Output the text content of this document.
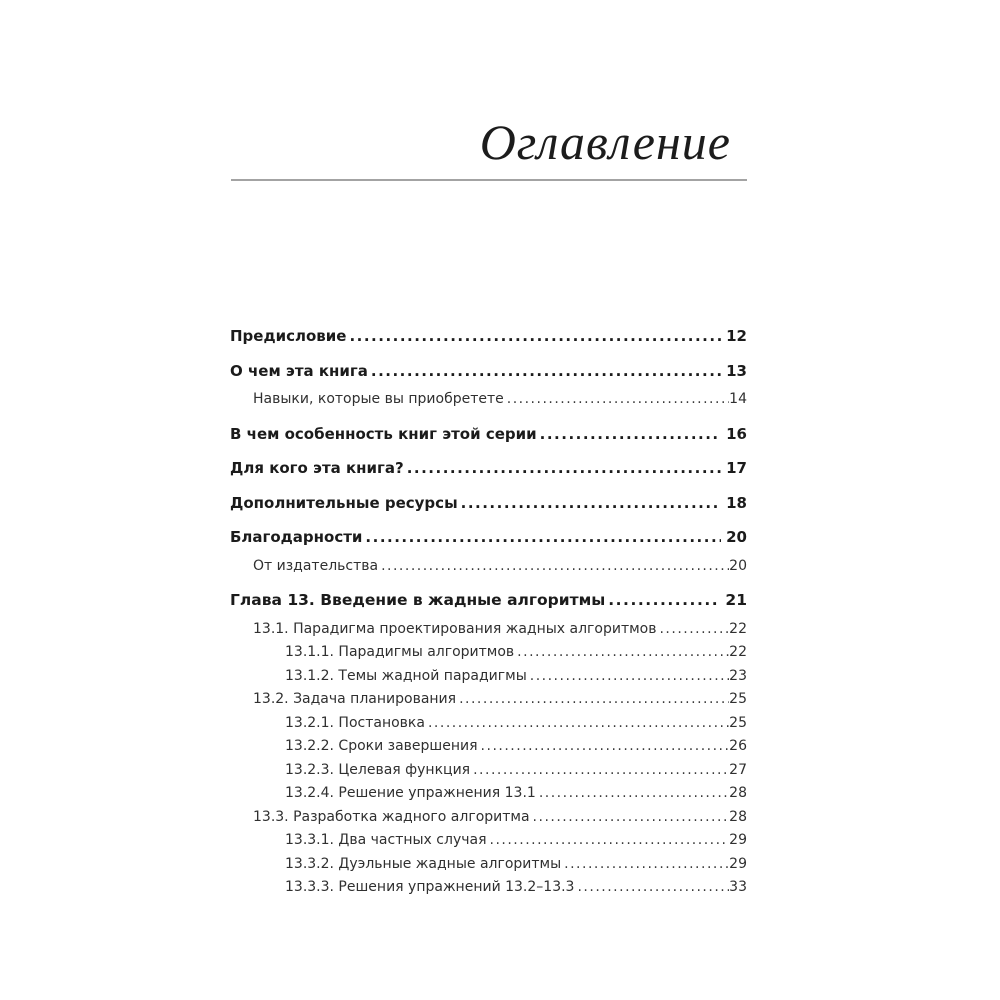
Оглавление
Предисловие .....	12
О чем эта книга .....	13
Навыки, которые вы приобретете .....	14
В чем особенность книг этой серии .....	16
Для кого эта книга? .....	17
Дополнительные ресурсы .....	18
Благодарности .....	20
От издательства .....	20
Глава 13. Введение в жадные алгоритмы .....	21
13.1. Парадигма проектирования жадных алгоритмов .....	22
13.1.1. Парадигмы алгоритмов .....	22
13.1.2. Темы жадной парадигмы .....	23
13.2. Задача планирования .....	25
13.2.1. Постановка .....	25
13.2.2. Сроки завершения .....	26
13.2.3. Целевая функция .....	27
13.2.4. Решение упражнения 13.1 .....	28
13.3. Разработка жадного алгоритма .....	28
13.3.1. Два частных случая .....	29
13.3.2. Дуэльные жадные алгоритмы .....	29
13.3.3. Решения упражнений 13.2–13.3 .....	33
